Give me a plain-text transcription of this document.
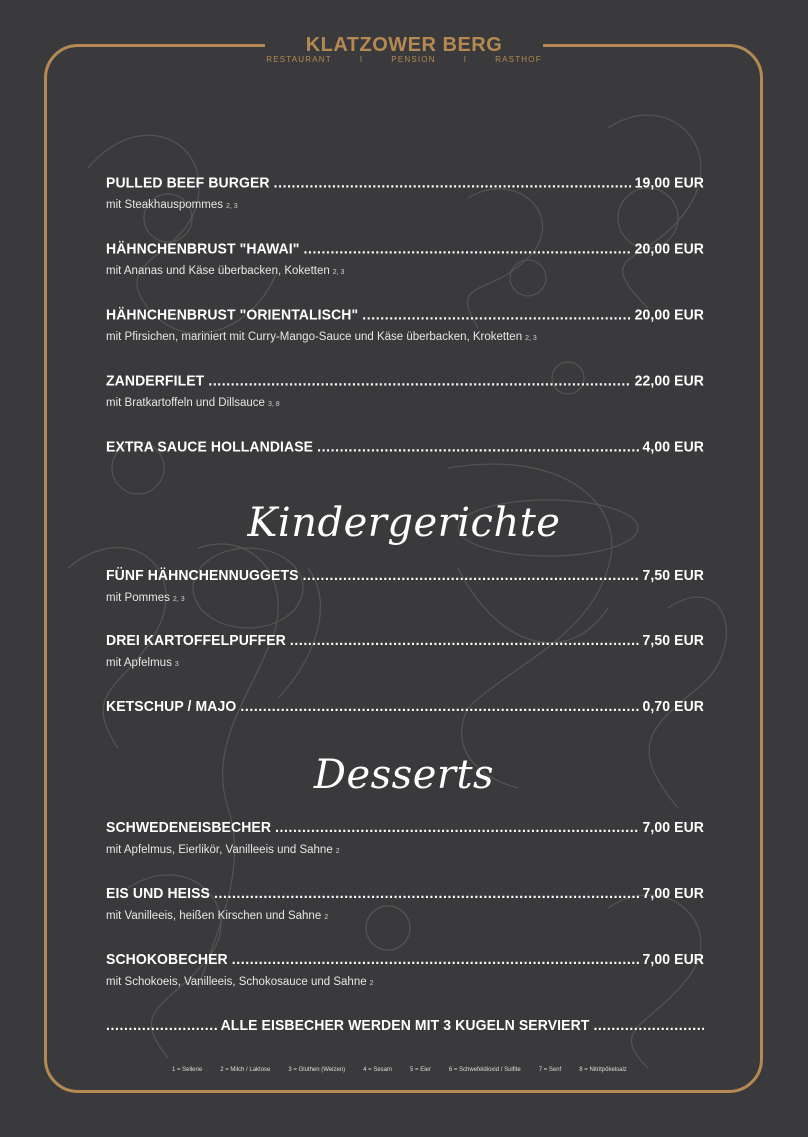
KLATZOWER BERG
RESTAURANT	I	PENSION	I	RASTHOF
PULLED BEEF BURGER .....	19,00 EUR
mit Steakhauspommes 2, 3
HÄHNCHENBRUST "HAWAI" .....	20,00 EUR
mit Ananas und Käse überbacken, Koketten 2, 3
HÄHNCHENBRUST "ORIENTALISCH" .....	20,00 EUR
mit Pfirsichen, mariniert mit Curry-Mango-Sauce und Käse überbacken, Kroketten 2, 3
ZANDERFILET .....	22,00 EUR
mit Bratkartoffeln und Dillsauce 3, 8
EXTRA SAUCE HOLLANDIASE .....	4,00 EUR
Kindergerichte
FÜNF HÄHNCHENNUGGETS .....	7,50 EUR
mit Pommes 2, 3
DREI KARTOFFELPUFFER .....	7,50 EUR
mit Apfelmus 3
KETSCHUP / MAJO .....	0,70 EUR
Desserts
SCHWEDENEISBECHER .....	7,00 EUR
mit Apfelmus, Eierlikör, Vanilleeis und Sahne 2
EIS UND HEISS .....	7,00 EUR
mit Vanilleeis, heißen Kirschen und Sahne 2
SCHOKOBECHER .....	7,00 EUR
mit Schokoeis, Vanilleeis, Schokosauce und Sahne 2
.....
ALLE EISBECHER WERDEN MIT 3 KUGELN SERVIERT
.....
1 = Sellerie	2 = Milch / Laktose	3 = Gluthen (Weizen)	4 = Sesam	5 = Eier	6 = Schwefeldioxid / Sulfite	7 = Senf	8 = Nitritpökelsalz
